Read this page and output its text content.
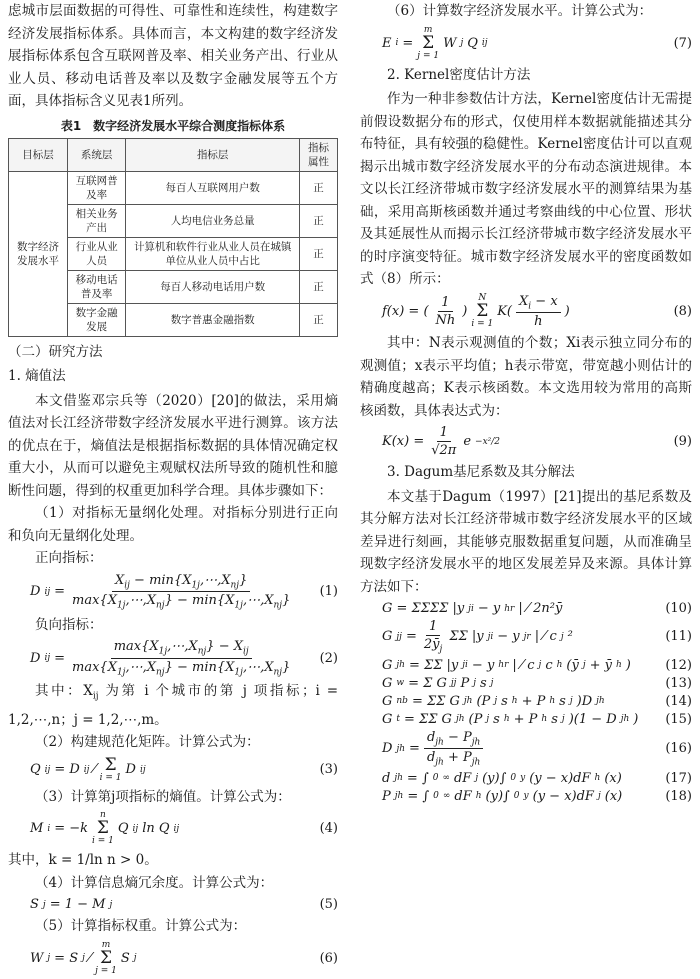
虑城市层面数据的可得性、可靠性和连续性，构建数字经济发展指标体系。具体而言，本文构建的数字经济发展指标体系包含互联网普及率、相关业务产出、行业从业人员、移动电话普及率以及数字金融发展等五个方面，具体指标含义见表1所列。

表1　数字经济发展水平综合测度指标体系
目标层	系统层	指标层	指标属性
数字经济发展水平	互联网普及率	每百人互联网用户数	正
	相关业务产出	人均电信业务总量	正
	行业从业人员	计算机和软件行业从业人员在城镇单位从业人员中占比	正
	移动电话普及率	每百人移动电话用户数	正
	数字金融发展	数字普惠金融指数	正
（二）研究方法
1. 熵值法

本文借鉴邓宗兵等（2020）[20]的做法，采用熵值法对长江经济带数字经济发展水平进行测算。该方法的优点在于，熵值法是根据指标数据的具体情况确定权重大小，从而可以避免主观赋权法所导致的随机性和臆断性问题，得到的权重更加科学合理。具体步骤如下：

（1）对指标无量纲化处理。对指标分别进行正向和负向无量纲化处理。

正向指标：

D ij = $\frac{X_{ij} - \min\{X_{1j},\cdots,X_{nj}\}}{\max\{X_{1j},\cdots,X_{nj}\} - \min\{X_{1j},\cdots,X_{nj}\}}$	(1)

负向指标：

D ij = $\frac{\max\{X_{1j},\cdots,X_{nj}\} - X_{ij}}{\max\{X_{1j},\cdots,X_{nj}\} - \min\{X_{1j},\cdots,X_{nj}\}}$	(2)

其中：$X_{ij}$ 为第 i 个城市的第 j 项指标；i = 1,2,⋯,n；j = 1,2,⋯,m。

（2）构建规范化矩阵。计算公式为：

Q ij = D ij ⁄ Σ
i = 1
D ij	(3)

（3）计算第j项指标的熵值。计算公式为：

M i = −k
n
Σ
i = 1
Q ij ln Q ij	(4)

其中，k = 1/ln n > 0。

（4）计算信息熵冗余度。计算公式为：

S j = 1 − M j	(5)

（5）计算指标权重。计算公式为：

W j = S j ⁄
m
Σ
j = 1
S j	(6)

（6）计算数字经济发展水平。计算公式为：

E i =
m
Σ
j = 1
W j Q ij	(7)
2. Kernel密度估计方法

作为一种非参数估计方法，Kernel密度估计无需提前假设数据分布的形式，仅使用样本数据就能描述其分布特征，具有较强的稳健性。Kernel密度估计可以直观揭示出城市数字经济发展水平的分布动态演进规律。本文以长江经济带城市数字经济发展水平的测算结果为基础，采用高斯核函数并通过考察曲线的中心位置、形状及其延展性从而揭示长江经济带城市数字经济发展水平的时序演变特征。城市数字经济发展水平的密度函数如式（8）所示：

f(x) = ( $\frac{1}{Nh}$ )
N
Σ
i = 1
$K( \frac{X_i - x}{h}$ )	(8)

其中：N表示观测值的个数；Xi表示独立同分布的观测值；x表示平均值；h表示带宽，带宽越小则估计的精确度越高；K表示核函数。本文选用较为常用的高斯核函数，具体表达式为：

$K(x) = \frac{1}{√2\pi}$ e −x²/2	(9)
3. Dagum基尼系数及其分解法

本文基于Dagum（1997）[21]提出的基尼系数及其分解方法对长江经济带城市数字经济发展水平的区域差异进行刻画，其能够克服数据重复问题，从而准确呈现数字经济发展水平的地区发展差异及来源。具体计算方法如下：

G = ΣΣΣΣ |y ji − y hr | ⁄ 2n²ȳ	(10)
G jj = $\frac{1}{2ȳ_j}$ ΣΣ |y ji − y jr | ⁄ c j ²	(11)
G jh = ΣΣ |y ji − y hr | ⁄ c j c h (ȳ j + ȳ h )	(12)
G w = Σ G jj P j s j	(13)
G nb = ΣΣ G jh (P j s h + P h s j )D jh	(14)
G t = ΣΣ G jh (P j s h + P h s j )(1 − D jh )	(15)
D jh = $\frac{d_{jh} - P_{jh}}{d_{jh} + P_{jh}}$	(16)
d jh = ∫ 0 ∞ dF j (y)∫ 0 y (y − x)dF h (x)	(17)
P jh = ∫ 0 ∞ dF h (y)∫ 0 y (y − x)dF j (x)	(18)
